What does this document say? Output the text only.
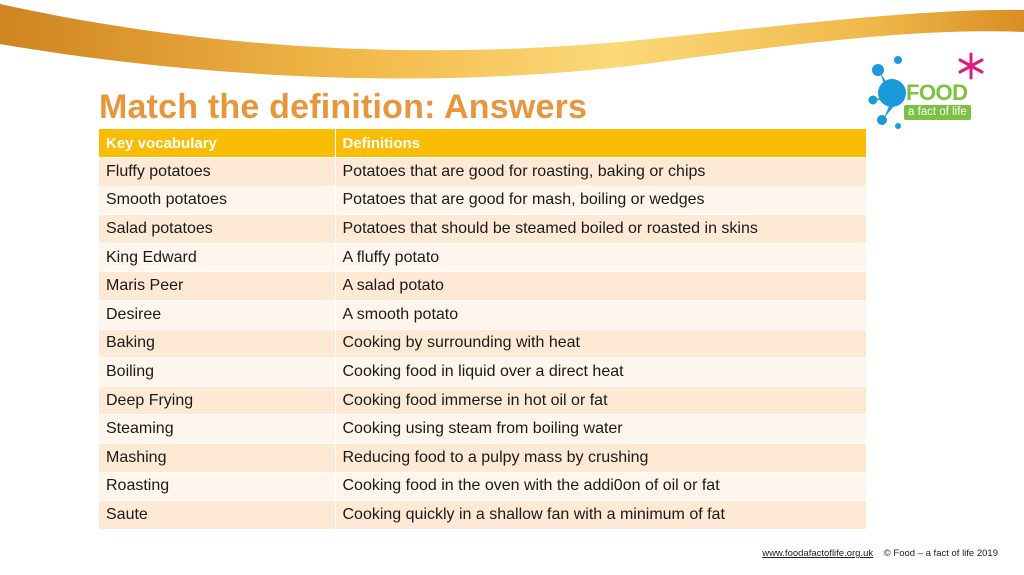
Match the definition: Answers	FOOD
a fact of life
Key vocabulary	Definitions
Fluffy potatoes	Potatoes that are good for roasting, baking or chips
Smooth potatoes	Potatoes that are good for mash, boiling or wedges
Salad potatoes	Potatoes that should be steamed boiled or roasted in skins
King Edward	A fluffy potato
Maris Peer	A salad potato
Desiree	A smooth potato
Baking	Cooking by surrounding with heat
Boiling	Cooking food in liquid over a direct heat
Deep Frying	Cooking food immerse in hot oil or fat
Steaming	Cooking using steam from boiling water
Mashing	Reducing food to a pulpy mass by crushing
Roasting	Cooking food in the oven with the addi0on of oil or fat
Saute	Cooking quickly in a shallow fan with a minimum of fat
www.foodafactoflife.org.uk © Food – a fact of life 2019
